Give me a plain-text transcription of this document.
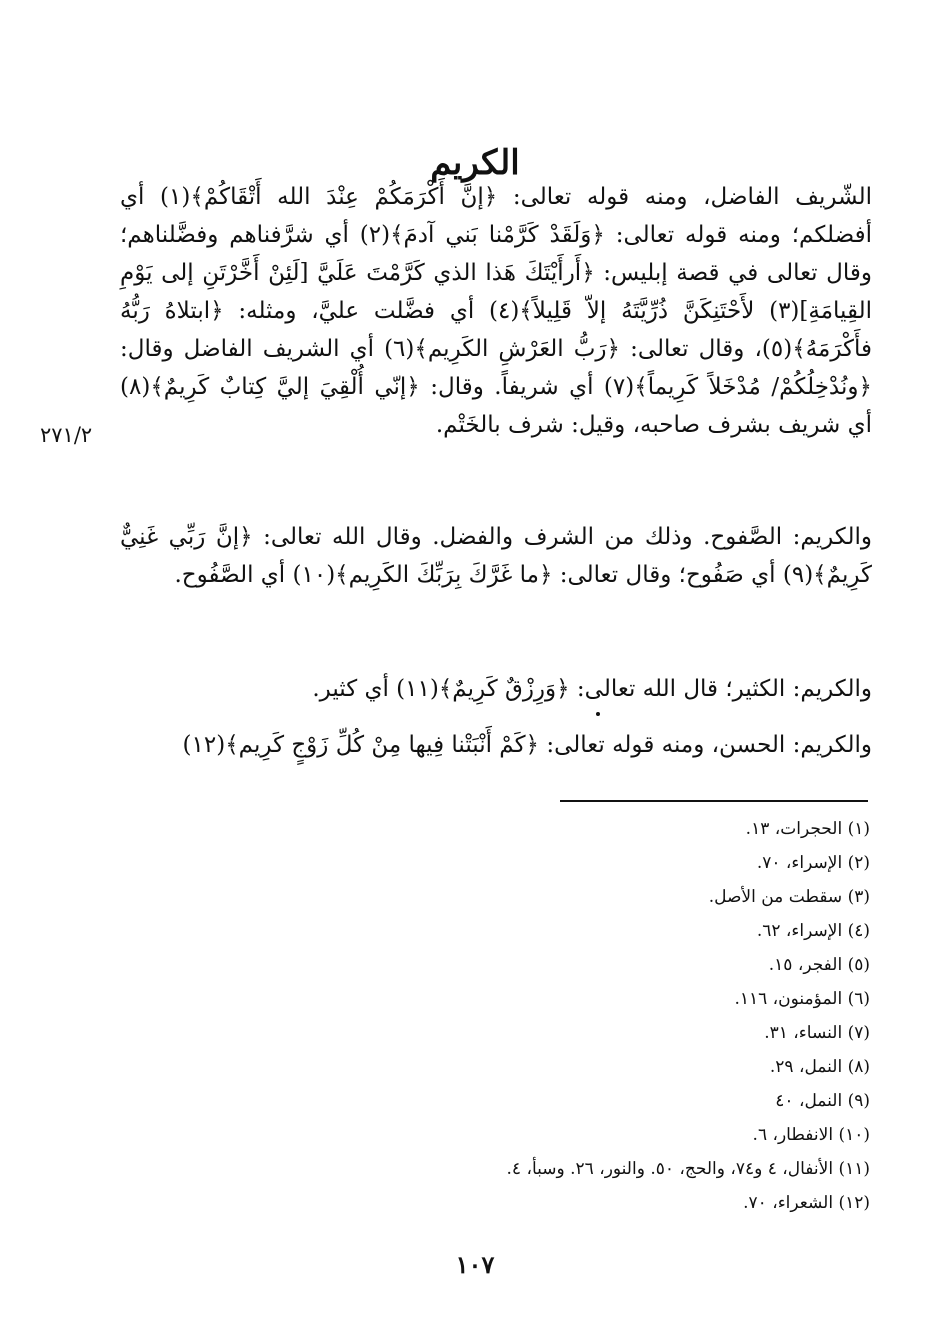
الكريم
الشّريف الفاضل، ومنه قوله تعالى: ﴿إنَّ أَكْرَمَكُمْ عِنْدَ الله أَتْقَاكُمْ﴾(١) أي أفضلكم؛ ومنه قوله تعالى: ﴿وَلَقَدْ كَرَّمْنا بَني آدمَ﴾(٢) أي شرَّفناهم وفضَّلناهم؛ وقال تعالى في قصة إبليس: ﴿أَرأَيْتَكَ هَذا الذي كَرَّمْتَ عَلَيَّ [لَئِنْ أَخَّرْتَنِ إلى يَوْمِ القِيامَةِ](٣) لأَحْتَنِكَنَّ ذُرِّيَّتَهُ إلاّ قَلِيلاً﴾(٤) أي فضَّلت عليَّ، ومثله: ﴿ابتلاهُ رَبُّهُ فأَكْرَمَهُ﴾(٥)، وقال تعالى: ﴿رَبُّ العَرْشِ الكَرِيم﴾(٦) أي الشريف الفاضل وقال: ﴿ونُدْخِلُكُمْ/ مُدْخَلاً كَرِيماً﴾(٧) أي شريفاً. وقال: ﴿إنّي أُلْقِيَ إليَّ كِتابٌ كَرِيمٌ﴾(٨) أي شريف بشرف صاحبه، وقيل: شرف بالخَتْم.
٢٧١/٢
والكريم: الصَّفوح. وذلك من الشرف والفضل. وقال الله تعالى: ﴿إنَّ رَبِّي غَنِيٌّ كَرِيمٌ﴾(٩) أي صَفُوح؛ وقال تعالى: ﴿ما غَرَّكَ بِرَبِّكَ الكَرِيم﴾(١٠) أي الصَّفُوح.
والكريم: الكثير؛ قال الله تعالى: ﴿وَرِزْقٌ كَرِيمٌ﴾(١١) أي كثير.
والكريم: الحسن، ومنه قوله تعالى: ﴿كَمْ أَنْبَتْنا فِيها مِنْ كُلِّ زَوْجٍ كَرِيم﴾(١٢)
(١) الحجرات، ١٣.
(٢) الإسراء، ٧٠.
(٣) سقطت من الأصل.
(٤) الإسراء، ٦٢.
(٥) الفجر، ١٥.
(٦) المؤمنون، ١١٦.
(٧) النساء، ٣١.
(٨) النمل، ٢٩.
(٩) النمل، ٤٠
(١٠) الانفطار، ٦.
(١١) الأنفال، ٤ و٧٤، والحج، ٥٠. والنور، ٢٦. وسبأ، ٤.
(١٢) الشعراء، ٧٠.
١٠٧
